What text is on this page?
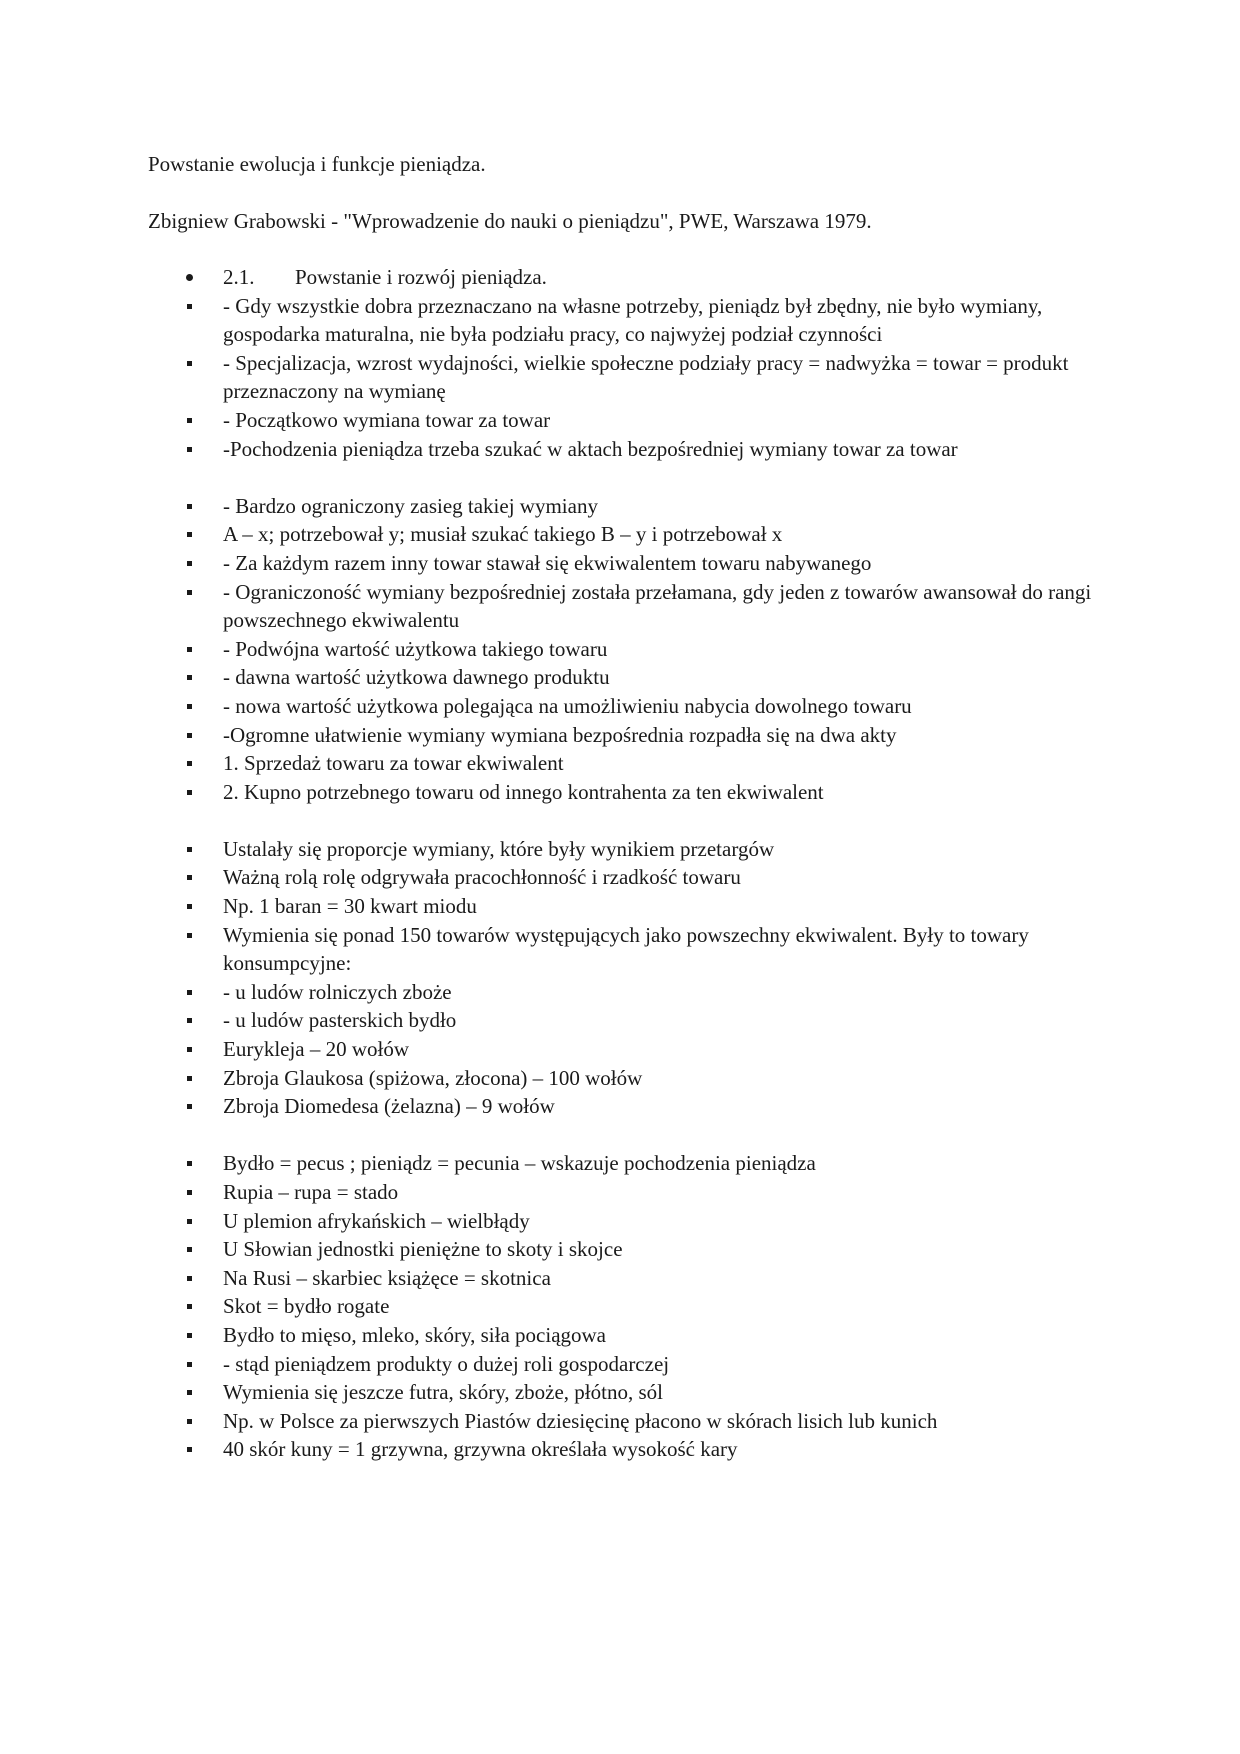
Powstanie ewolucja i funkcje pieniądza.
Zbigniew Grabowski - "Wprowadzenie do nauki o pieniądzu", PWE, Warszawa 1979.
2.1. Powstanie i rozwój pieniądza.
- Gdy wszystkie dobra przeznaczano na własne potrzeby, pieniądz był zbędny, nie było wymiany, gospodarka maturalna, nie była podziału pracy, co najwyżej podział czynności
- Specjalizacja, wzrost wydajności, wielkie społeczne podziały pracy = nadwyżka = towar = produkt przeznaczony na wymianę
- Początkowo wymiana towar za towar
-Pochodzenia pieniądza trzeba szukać w aktach bezpośredniej wymiany towar za towar
- Bardzo ograniczony zasieg takiej wymiany
A – x; potrzebował y; musiał szukać takiego B – y i potrzebował x
- Za każdym razem inny towar stawał się ekwiwalentem towaru nabywanego
- Ograniczoność wymiany bezpośredniej została przełamana, gdy jeden z towarów awansował do rangi powszechnego ekwiwalentu
- Podwójna wartość użytkowa takiego towaru
- dawna wartość użytkowa dawnego produktu
- nowa wartość użytkowa polegająca na umożliwieniu nabycia dowolnego towaru
-Ogromne ułatwienie wymiany wymiana bezpośrednia rozpadła się na dwa akty
1. Sprzedaż towaru za towar ekwiwalent
2. Kupno potrzebnego towaru od innego kontrahenta za ten ekwiwalent
Ustalały się proporcje wymiany, które były wynikiem przetargów
Ważną rolą rolę odgrywała pracochłonność i rzadkość towaru
Np. 1 baran = 30 kwart miodu
Wymienia się ponad 150 towarów występujących jako powszechny ekwiwalent. Były to towary konsumpcyjne:
- u ludów rolniczych zboże
- u ludów pasterskich bydło
Eurykleja – 20 wołów
Zbroja Glaukosa (spiżowa, złocona) – 100 wołów
Zbroja Diomedesa (żelazna) – 9 wołów
Bydło = pecus ; pieniądz = pecunia – wskazuje pochodzenia pieniądza
Rupia – rupa = stado
U plemion afrykańskich – wielbłądy
U Słowian jednostki pieniężne to skoty i skojce
Na Rusi – skarbiec książęce = skotnica
Skot = bydło rogate
Bydło to mięso, mleko, skóry, siła pociągowa
- stąd pieniądzem produkty o dużej roli gospodarczej
Wymienia się jeszcze futra, skóry, zboże, płótno, sól
Np. w Polsce za pierwszych Piastów dziesięcinę płacono w skórach lisich lub kunich
40 skór kuny = 1 grzywna, grzywna określała wysokość kary
